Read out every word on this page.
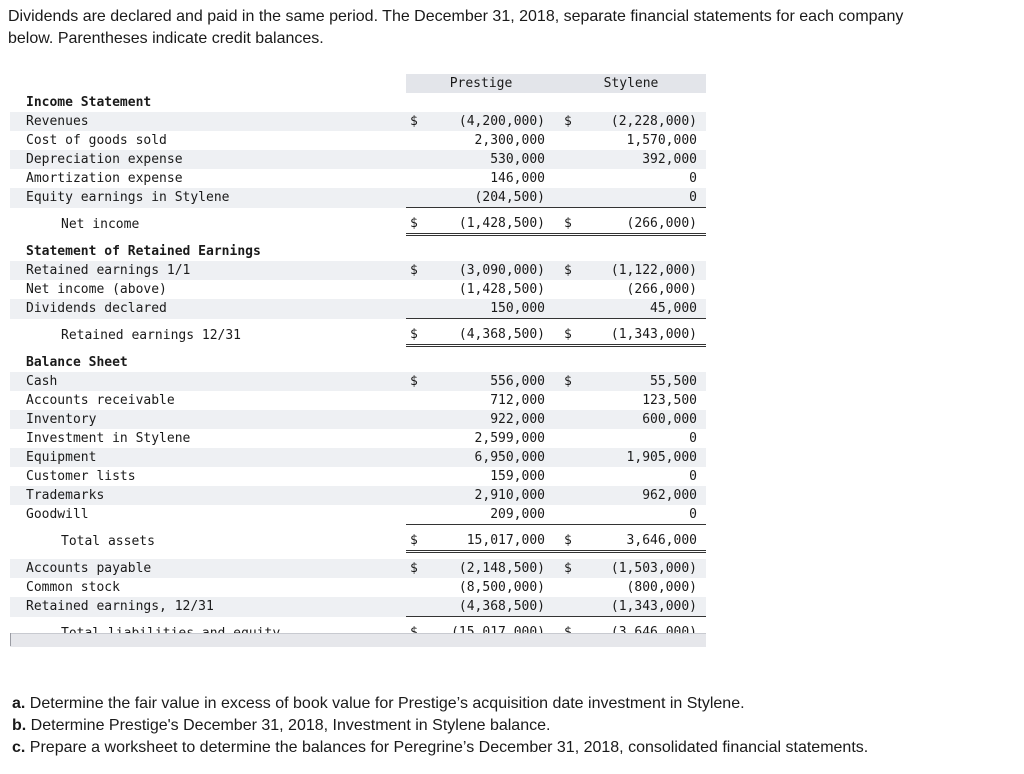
Dividends are declared and paid in the same period. The December 31, 2018, separate financial statements for each company
below. Parentheses indicate credit balances.
	Prestige	Stylene
Income Statement		
Revenues	$ (4,200,000)	$ (2,228,000)

Cost of goods sold	2,300,000	1,570,000

Depreciation expense	530,000	392,000

Amortization expense	146,000	0

Equity earnings in Stylene	(204,500)	0

Net income	$ (1,428,500)	$ (266,000)

Statement of Retained Earnings		
Retained earnings 1/1	$ (3,090,000)	$ (1,122,000)

Net income (above)	(1,428,500)	(266,000)

Dividends declared	150,000	45,000

Retained earnings 12/31	$ (4,368,500)	$ (1,343,000)

Balance Sheet		
Cash	$ 556,000	$ 55,500

Accounts receivable	712,000	123,500

Inventory	922,000	600,000

Investment in Stylene	2,599,000	0

Equipment	6,950,000	1,905,000

Customer lists	159,000	0

Trademarks	2,910,000	962,000

Goodwill	209,000	0

Total assets	$ 15,017,000	$ 3,646,000

Accounts payable	$ (2,148,500)	$ (1,503,000)

Common stock	(8,500,000)	(800,000)

Retained earnings, 12/31	(4,368,500)	(1,343,000)

a. Determine the fair value in excess of book value for Prestige’s acquisition date investment in Stylene.

b. Determine Prestige's December 31, 2018, Investment in Stylene balance.

c. Prepare a worksheet to determine the balances for Peregrine’s December 31, 2018, consolidated financial statements.
